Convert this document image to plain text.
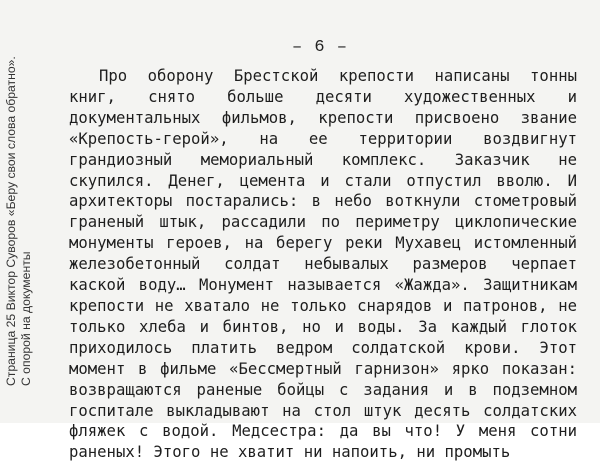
– 6 –
Страница 25 Виктор Суворов «Беру свои слова обратно». С опорой на документы

Про оборону Брестской крепости написаны тонны книг, снято больше десяти художественных и документальных фильмов, крепости присвоено звание «Крепость-герой», на ее территории воздвигнут грандиозный мемориальный комплекс. Заказчик не скупился. Денег, цемента и стали отпустил вволю. И архитекторы постарались: в небо воткнули стометровый граненый штык, рассадили по периметру циклопические монументы героев, на берегу реки Мухавец истомленный железобетонный солдат небывалых размеров черпает каской воду… Монумент называется «Жажда». Защитникам крепости не хватало не только снарядов и патронов, не только хлеба и бинтов, но и воды. За каждый глоток приходилось платить ведром солдатской крови. Этот момент в фильме «Бессмертный гарнизон» ярко показан: возвращаются раненые бойцы с задания и в подземном госпитале выкладывают на стол штук десять солдатских фляжек с водой. Медсестра: да вы что! У меня сотни раненых! Этого не хватит ни напоить, ни промыть
